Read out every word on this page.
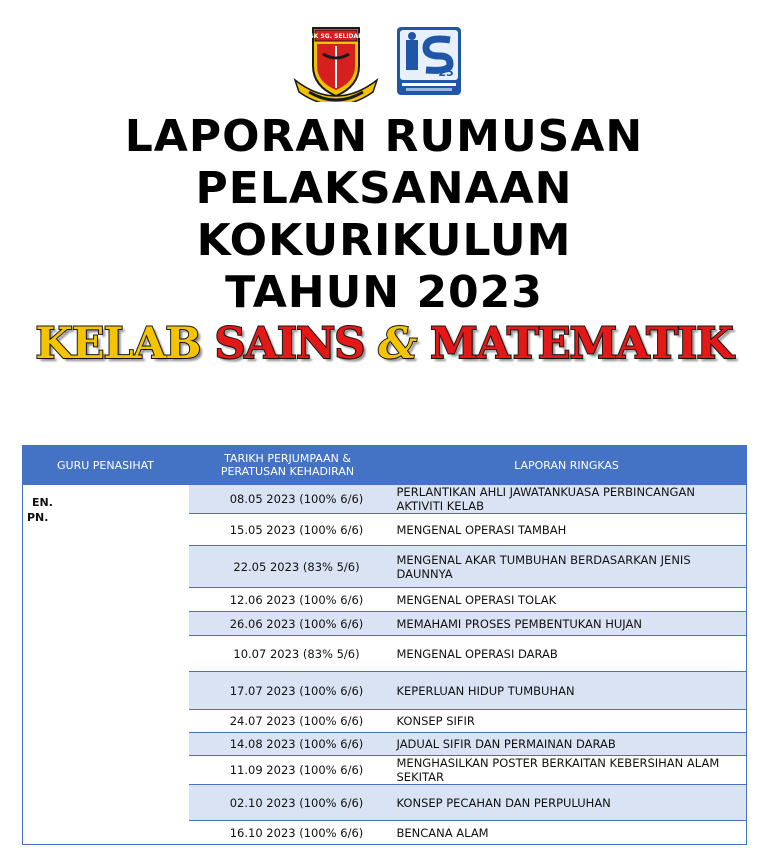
SK SG. SELIDAP
25
LAPORAN RUMUSAN
PELAKSANAAN
KOKURIKULUM
TAHUN 2023
KELAB SAINS & MATEMATIK
GURU PENASIHAT	TARIKH PERJUMPAAN & PERATUSAN KEHADIRAN	LAPORAN RINGKAS

EN.
PN.	08.05 2023 (100% 6/6)	PERLANTIKAN AHLI JAWATANKUASA PERBINCANGAN AKTIVITI KELAB
	15.05 2023 (100% 6/6)	MENGENAL OPERASI TAMBAH
	22.05 2023 (83% 5/6)	MENGENAL AKAR TUMBUHAN BERDASARKAN JENIS DAUNNYA
	12.06 2023 (100% 6/6)	MENGENAL OPERASI TOLAK
	26.06 2023 (100% 6/6)	MEMAHAMI PROSES PEMBENTUKAN HUJAN
	10.07 2023 (83% 5/6)	MENGENAL OPERASI DARAB
	17.07 2023 (100% 6/6)	KEPERLUAN HIDUP TUMBUHAN
	24.07 2023 (100% 6/6)	KONSEP SIFIR
	14.08 2023 (100% 6/6)	JADUAL SIFIR DAN PERMAINAN DARAB
	11.09 2023 (100% 6/6)	MENGHASILKAN POSTER BERKAITAN KEBERSIHAN ALAM SEKITAR
	02.10 2023 (100% 6/6)	KONSEP PECAHAN DAN PERPULUHAN
	16.10 2023 (100% 6/6)	BENCANA ALAM
